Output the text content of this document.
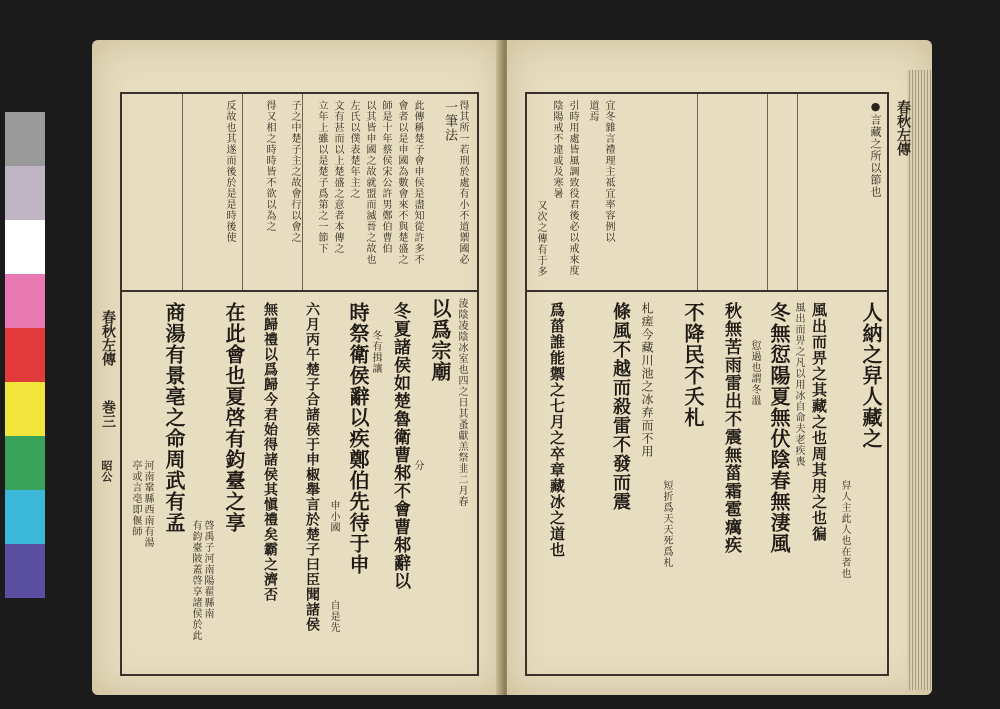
春秋左傳
巻三
昭公
得其所一若刑於處有小不道禦國必
一筆法
此傳稱楚子會申侯是盡知從許多不
會者以是申國為數會來不與楚盛之
師是十年蔡侯宋公許男鄭伯曹伯
以其皆申國之故就盟而滅晉之故也
左氏以僕表楚年主之
文有甚而以上楚盛之意者本傳之
立年上雖以是楚子爲第之一節下
子之中楚子主之故會行以會之
得又相之時時皆不欲以為之
反故也其遂而後於是是時後使
淩陰凌陰冰室也四之日其蚤獻羔祭韭二月春
以爲宗廟
分
冬夏諸侯如楚魯衛曹邾不會曹邾辭以
冬有揖讓
時祭衛侯辭以疾鄭伯先待于申
申小國
自是先
六月丙午楚子合諸侯于申椒舉言於楚子曰臣聞諸侯
無歸禮以爲歸今君始得諸侯其愼禮矣霸之濟否
在此會也夏啓有鈞臺之享
啓禹子河南陽翟縣南
有鈞臺陂蓋啓享諸侯於此
商湯有景亳之命周武有孟
河南鞏縣西南有湯
亭或言亳即偃師
春秋左傳
●言藏之所以節也
宜冬雜言禮理主祗宜率容例以
道焉
引時用處皆風調致役君後必以戒來度
陰陽戒不違或及寒暑
又次之傳有于多
人納之舁人藏之
舁人主此人也在者也
風出而畀之其藏之也周其用之也徧
風出而畀之凡以用冰自命夫老疾喪
冬無愆陽夏無伏陰春無淒風
愆過也謂冬溫
秋無苦雨雷出不震無菑霜雹癘疾
不降民不夭札
短折爲天天死爲札
札瘥今藏川池之冰弃而不用
條風不越而殺雷不發而震
爲菑誰能禦之七月之卒章藏冰之道也
